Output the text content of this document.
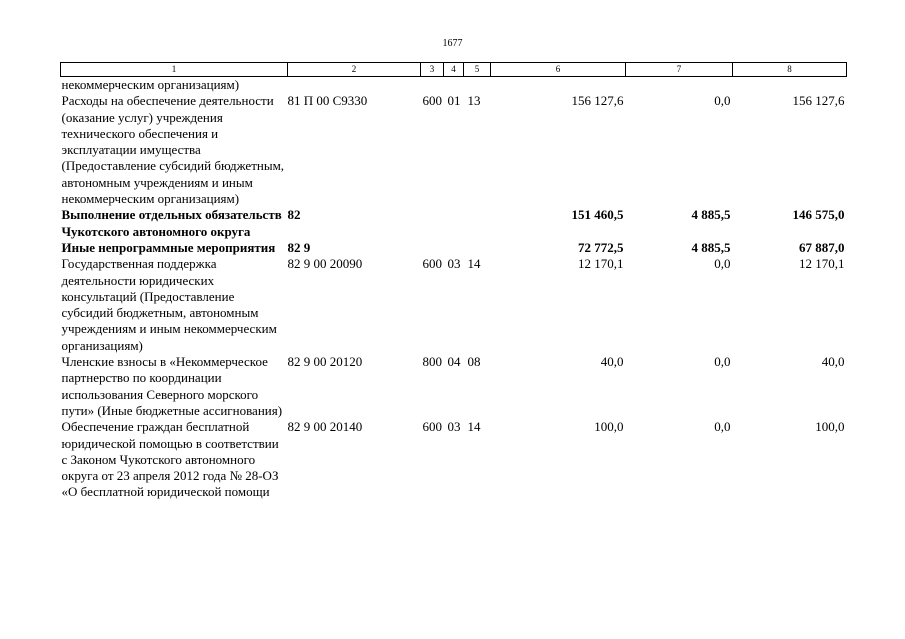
1677
1	2	3	4	5	6	7	8
некоммерческим организациям)							
Расходы на обеспечение деятельности (оказание услуг) учреждения технического обеспечения и эксплуатации имущества (Предоставление субсидий бюджетным, автономным учреждениям и иным некоммерческим организациям)	81 П 00 С9330	600	01	13	156 127,6	0,0	156 127,6
Выполнение отдельных обязательств Чукотского автономного округа	82				151 460,5	4 885,5	146 575,0
Иные непрограммные мероприятия	82 9				72 772,5	4 885,5	67 887,0
Государственная поддержка деятельности юридических консультаций (Предоставление субсидий бюджетным, автономным учреждениям и иным некоммерческим организациям)	82 9 00 20090	600	03	14	12 170,1	0,0	12 170,1
Членские взносы в «Некоммерческое партнерство по координации использования Северного морского пути» (Иные бюджетные ассигнования)	82 9 00 20120	800	04	08	40,0	0,0	40,0
Обеспечение граждан бесплатной юридической помощью в соответствии с Законом Чукотского автономного округа от 23 апреля 2012 года № 28-ОЗ «О бесплатной юридической помощи	82 9 00 20140	600	03	14	100,0	0,0	100,0
